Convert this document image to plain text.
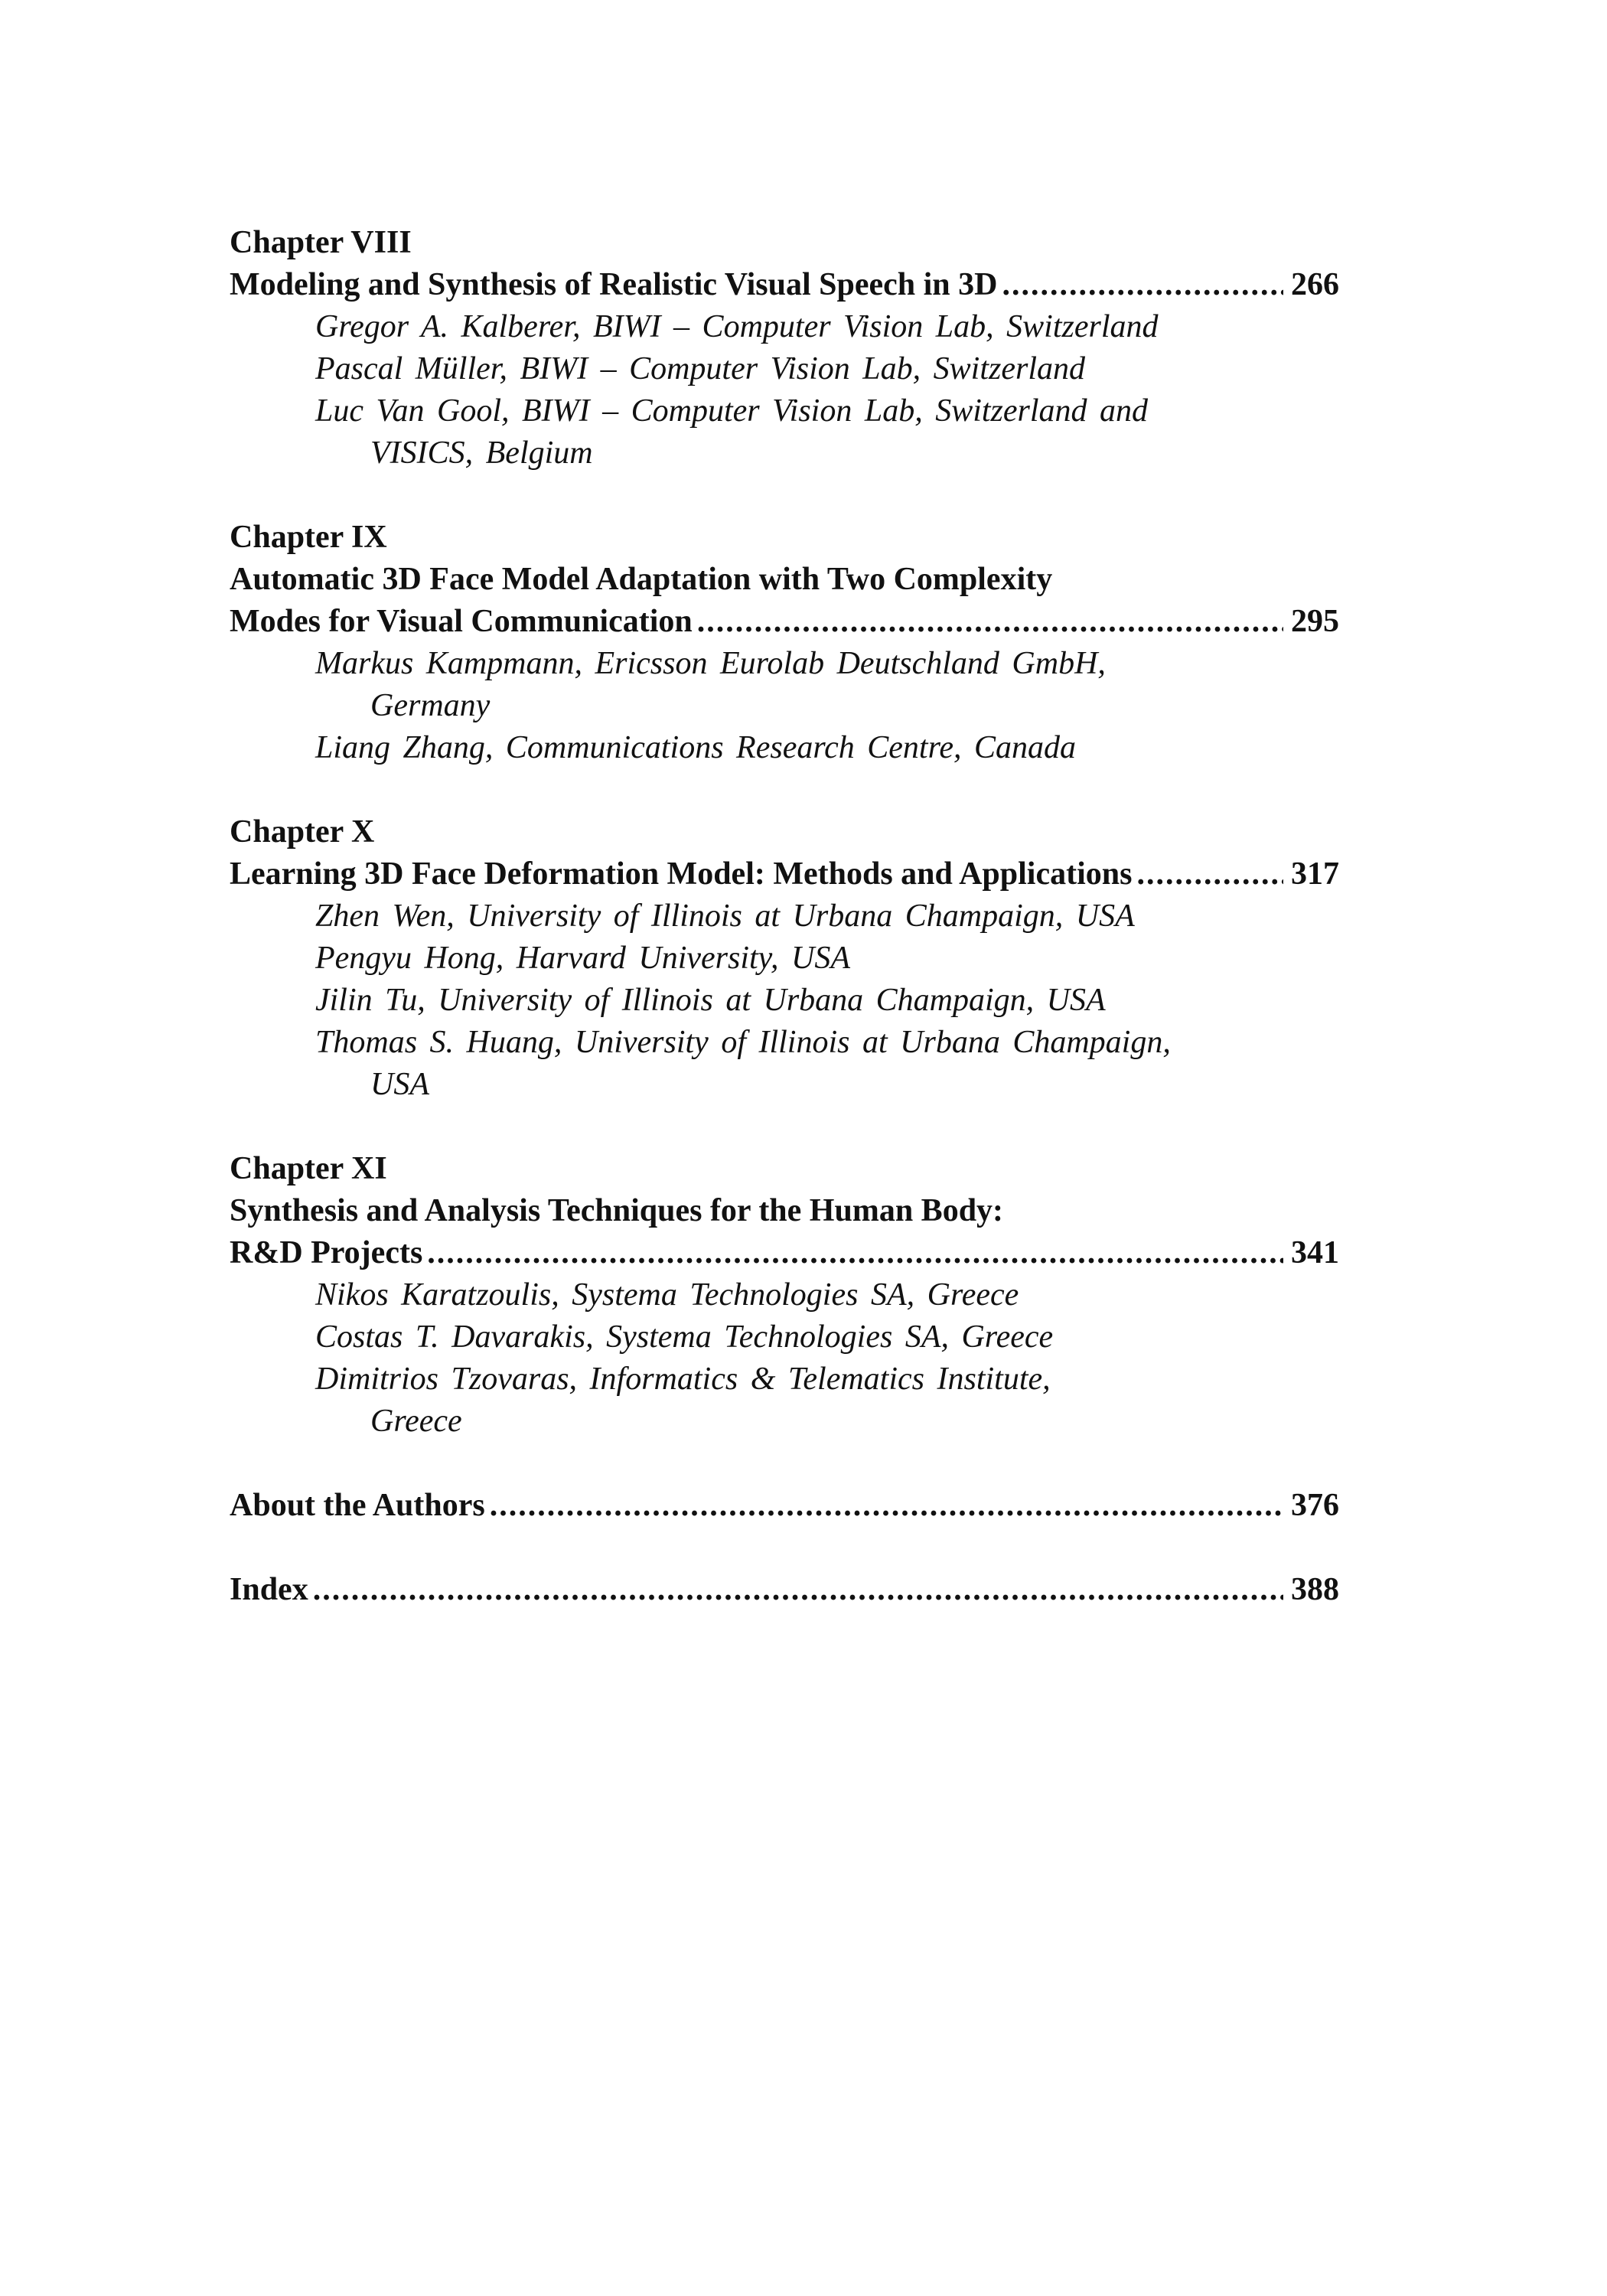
Chapter VIII
Modeling and Synthesis of Realistic Visual Speech in 3D .....	266
Gregor A. Kalberer, BIWI – Computer Vision Lab, Switzerland
Pascal Müller, BIWI – Computer Vision Lab, Switzerland
Luc Van Gool, BIWI – Computer Vision Lab, Switzerland and
VISICS, Belgium
Chapter IX
Automatic 3D Face Model Adaptation with Two Complexity
Modes for Visual Communication .....	295
Markus Kampmann, Ericsson Eurolab Deutschland GmbH,
Germany
Liang Zhang, Communications Research Centre, Canada
Chapter X
Learning 3D Face Deformation Model: Methods and Applications .....	317
Zhen Wen, University of Illinois at Urbana Champaign, USA
Pengyu Hong, Harvard University, USA
Jilin Tu, University of Illinois at Urbana Champaign, USA
Thomas S. Huang, University of Illinois at Urbana Champaign,
USA
Chapter XI
Synthesis and Analysis Techniques for the Human Body:
R&D Projects .....	341
Nikos Karatzoulis, Systema Technologies SA, Greece
Costas T. Davarakis, Systema Technologies SA, Greece
Dimitrios Tzovaras, Informatics & Telematics Institute,
Greece
About the Authors .....	376
Index .....	388
